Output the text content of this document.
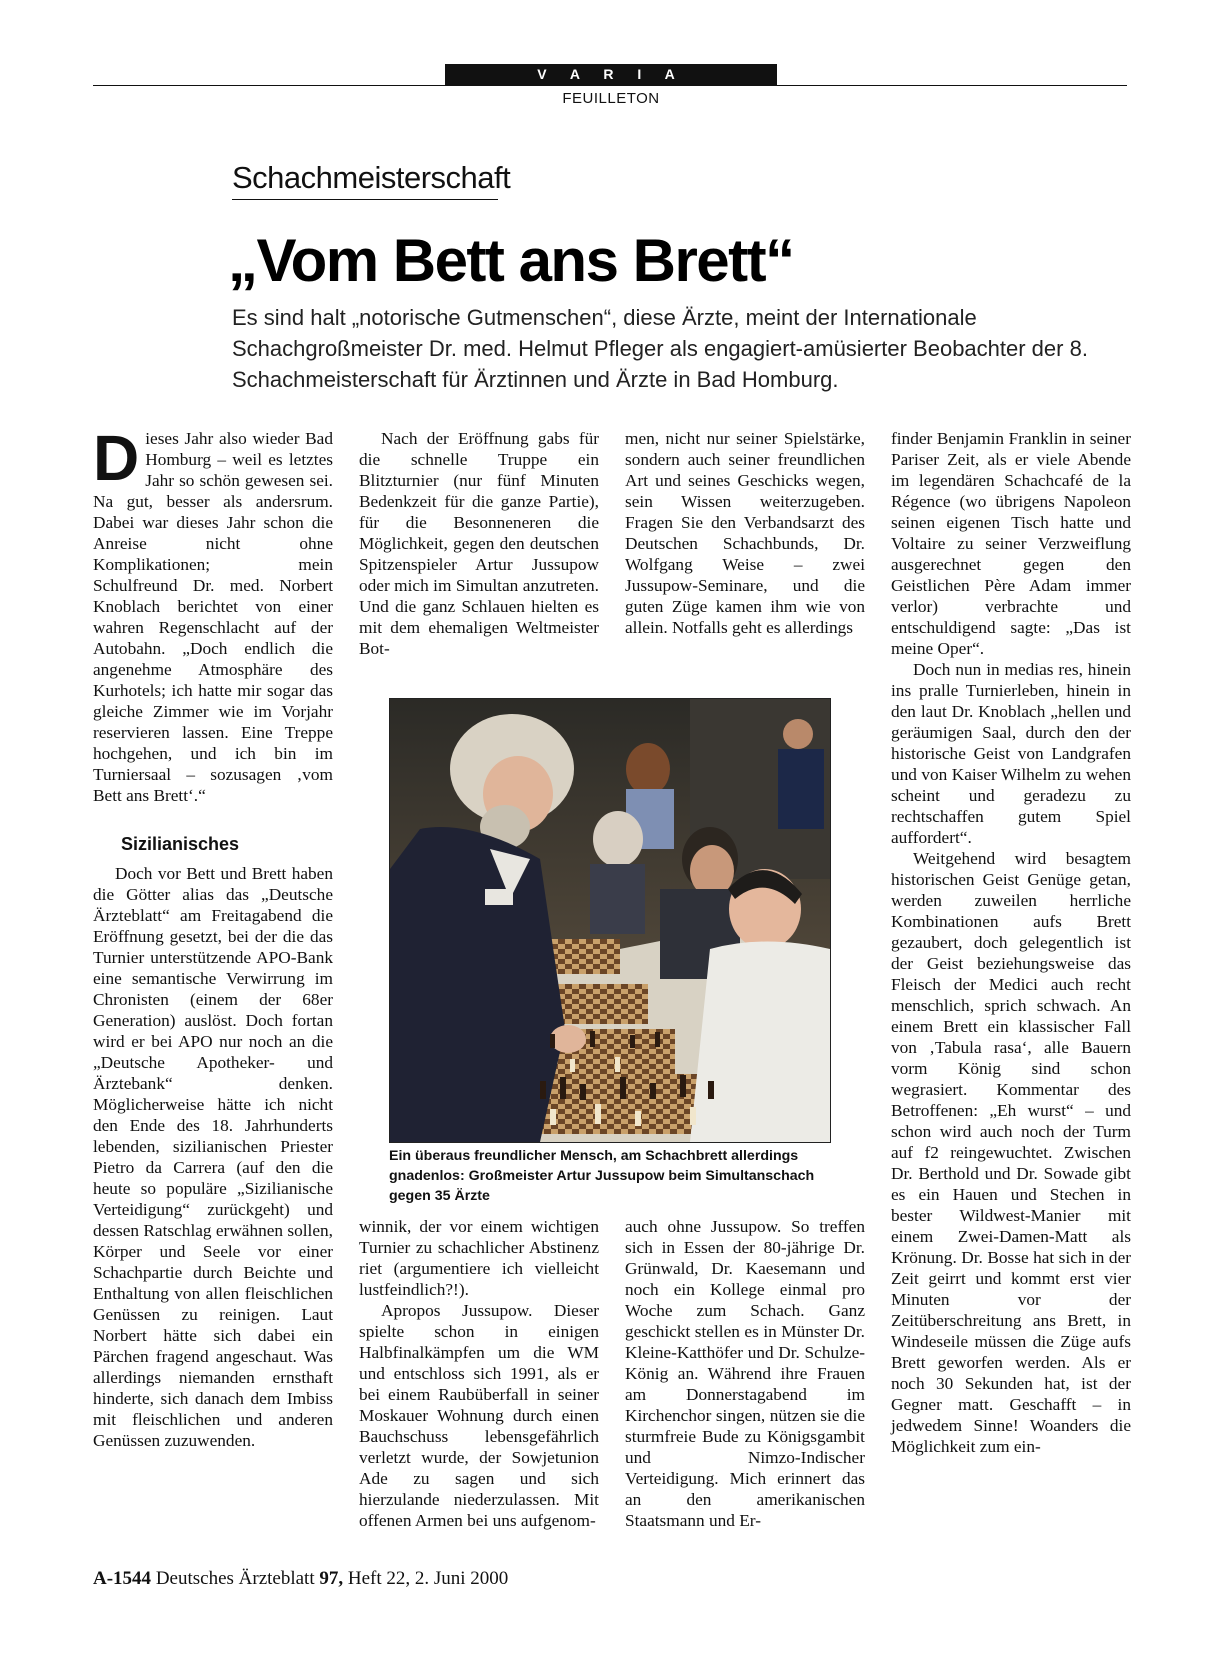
V A R I A
FEUILLETON
Schachmeisterschaft
„Vom Bett ans Brett“

Es sind halt „notorische Gutmenschen“, diese Ärzte, meint der Internationale Schachgroßmeister Dr. med. Helmut Pfleger als engagiert-amüsierter Beobachter der 8. Schachmeisterschaft für Ärztinnen und Ärzte in Bad Homburg.

Dieses Jahr also wieder Bad Homburg – weil es letztes Jahr so schön gewesen sei. Na gut, besser als andersrum. Dabei war dieses Jahr schon die Anreise nicht ohne Komplikationen; mein Schulfreund Dr. med. Norbert Knoblach berichtet von einer wahren Regenschlacht auf der Autobahn. „Doch endlich die angenehme Atmosphäre des Kurhotels; ich hatte mir sogar das gleiche Zimmer wie im Vorjahr reservieren lassen. Eine Treppe hochgehen, und ich bin im Turniersaal – sozusagen ‚vom Bett ans Brett‘.“

Sizilianisches

Doch vor Bett und Brett haben die Götter alias das „Deutsche Ärzteblatt“ am Freitagabend die Eröffnung gesetzt, bei der die das Turnier unterstützende APO-Bank eine semantische Verwirrung im Chronisten (einem der 68er Generation) auslöst. Doch fortan wird er bei APO nur noch an die „Deutsche Apotheker- und Ärztebank“ denken. Möglicherweise hätte ich nicht den Ende des 18. Jahrhunderts lebenden, sizilianischen Priester Pietro da Carrera (auf den die heute so populäre „Sizilianische Verteidigung“ zurückgeht) und dessen Ratschlag erwähnen sollen, Körper und Seele vor einer Schachpartie durch Beichte und Enthaltung von allen fleischlichen Genüssen zu reinigen. Laut Norbert hätte sich dabei ein Pärchen fragend angeschaut. Was allerdings niemanden ernsthaft hinderte, sich danach dem Imbiss mit fleischlichen und anderen Genüssen zuzuwenden.

Nach der Eröffnung gabs für die schnelle Truppe ein Blitzturnier (nur fünf Minuten Bedenkzeit für die ganze Partie), für die Besonneneren die Möglichkeit, gegen den deutschen Spitzenspieler Artur Jussupow oder mich im Simultan anzutreten. Und die ganz Schlauen hielten es mit dem ehemaligen Weltmeister Bot-

men, nicht nur seiner Spielstärke, sondern auch seiner freundlichen Art und seines Geschicks wegen, sein Wissen weiterzugeben. Fragen Sie den Verbandsarzt des Deutschen Schachbunds, Dr. Wolfgang Weise – zwei Jussupow-Seminare, und die guten Züge kamen ihm wie von allein. Notfalls geht es allerdings

Ein überaus freundlicher Mensch, am Schachbrett allerdings gnadenlos: Großmeister Artur Jussupow beim Simultanschach gegen 35 Ärzte

winnik, der vor einem wichtigen Turnier zu schachlicher Abstinenz riet (argumentiere ich vielleicht lustfeindlich?!).

Apropos Jussupow. Dieser spielte schon in einigen Halbfinalkämpfen um die WM und entschloss sich 1991, als er bei einem Raubüberfall in seiner Moskauer Wohnung durch einen Bauchschuss lebensgefährlich verletzt wurde, der Sowjetunion Ade zu sagen und sich hierzulande niederzulassen. Mit offenen Armen bei uns aufgenom-

auch ohne Jussupow. So treffen sich in Essen der 80-jährige Dr. Grünwald, Dr. Kaesemann und noch ein Kollege einmal pro Woche zum Schach. Ganz geschickt stellen es in Münster Dr. Kleine-Katthöfer und Dr. Schulze-König an. Während ihre Frauen am Donnerstagabend im Kirchenchor singen, nützen sie die sturmfreie Bude zu Königsgambit und Nimzo-Indischer Verteidigung. Mich erinnert das an den amerikanischen Staatsmann und Er-

finder Benjamin Franklin in seiner Pariser Zeit, als er viele Abende im legendären Schachcafé de la Régence (wo übrigens Napoleon seinen eigenen Tisch hatte und Voltaire zu seiner Verzweiflung ausgerechnet gegen den Geistlichen Père Adam immer verlor) verbrachte und entschuldigend sagte: „Das ist meine Oper“.

Doch nun in medias res, hinein ins pralle Turnierleben, hinein in den laut Dr. Knoblach „hellen und geräumigen Saal, durch den der historische Geist von Landgrafen und von Kaiser Wilhelm zu wehen scheint und geradezu zu rechtschaffen gutem Spiel auffordert“.

Weitgehend wird besagtem historischen Geist Genüge getan, werden zuweilen herrliche Kombinationen aufs Brett gezaubert, doch gelegentlich ist der Geist beziehungsweise das Fleisch der Medici auch recht menschlich, sprich schwach. An einem Brett ein klassischer Fall von ‚Tabula rasa‘, alle Bauern vorm König sind schon wegrasiert. Kommentar des Betroffenen: „Eh wurst“ – und schon wird auch noch der Turm auf f2 reingewuchtet. Zwischen Dr. Berthold und Dr. Sowade gibt es ein Hauen und Stechen in bester Wildwest-Manier mit einem Zwei-Damen-Matt als Krönung. Dr. Bosse hat sich in der Zeit geirrt und kommt erst vier Minuten vor der Zeitüberschreitung ans Brett, in Windeseile müssen die Züge aufs Brett geworfen werden. Als er noch 30 Sekunden hat, ist der Gegner matt. Geschafft – in jedwedem Sinne! Woanders die Möglichkeit zum ein-

A-1544 Deutsches Ärzteblatt 97, Heft 22, 2. Juni 2000
